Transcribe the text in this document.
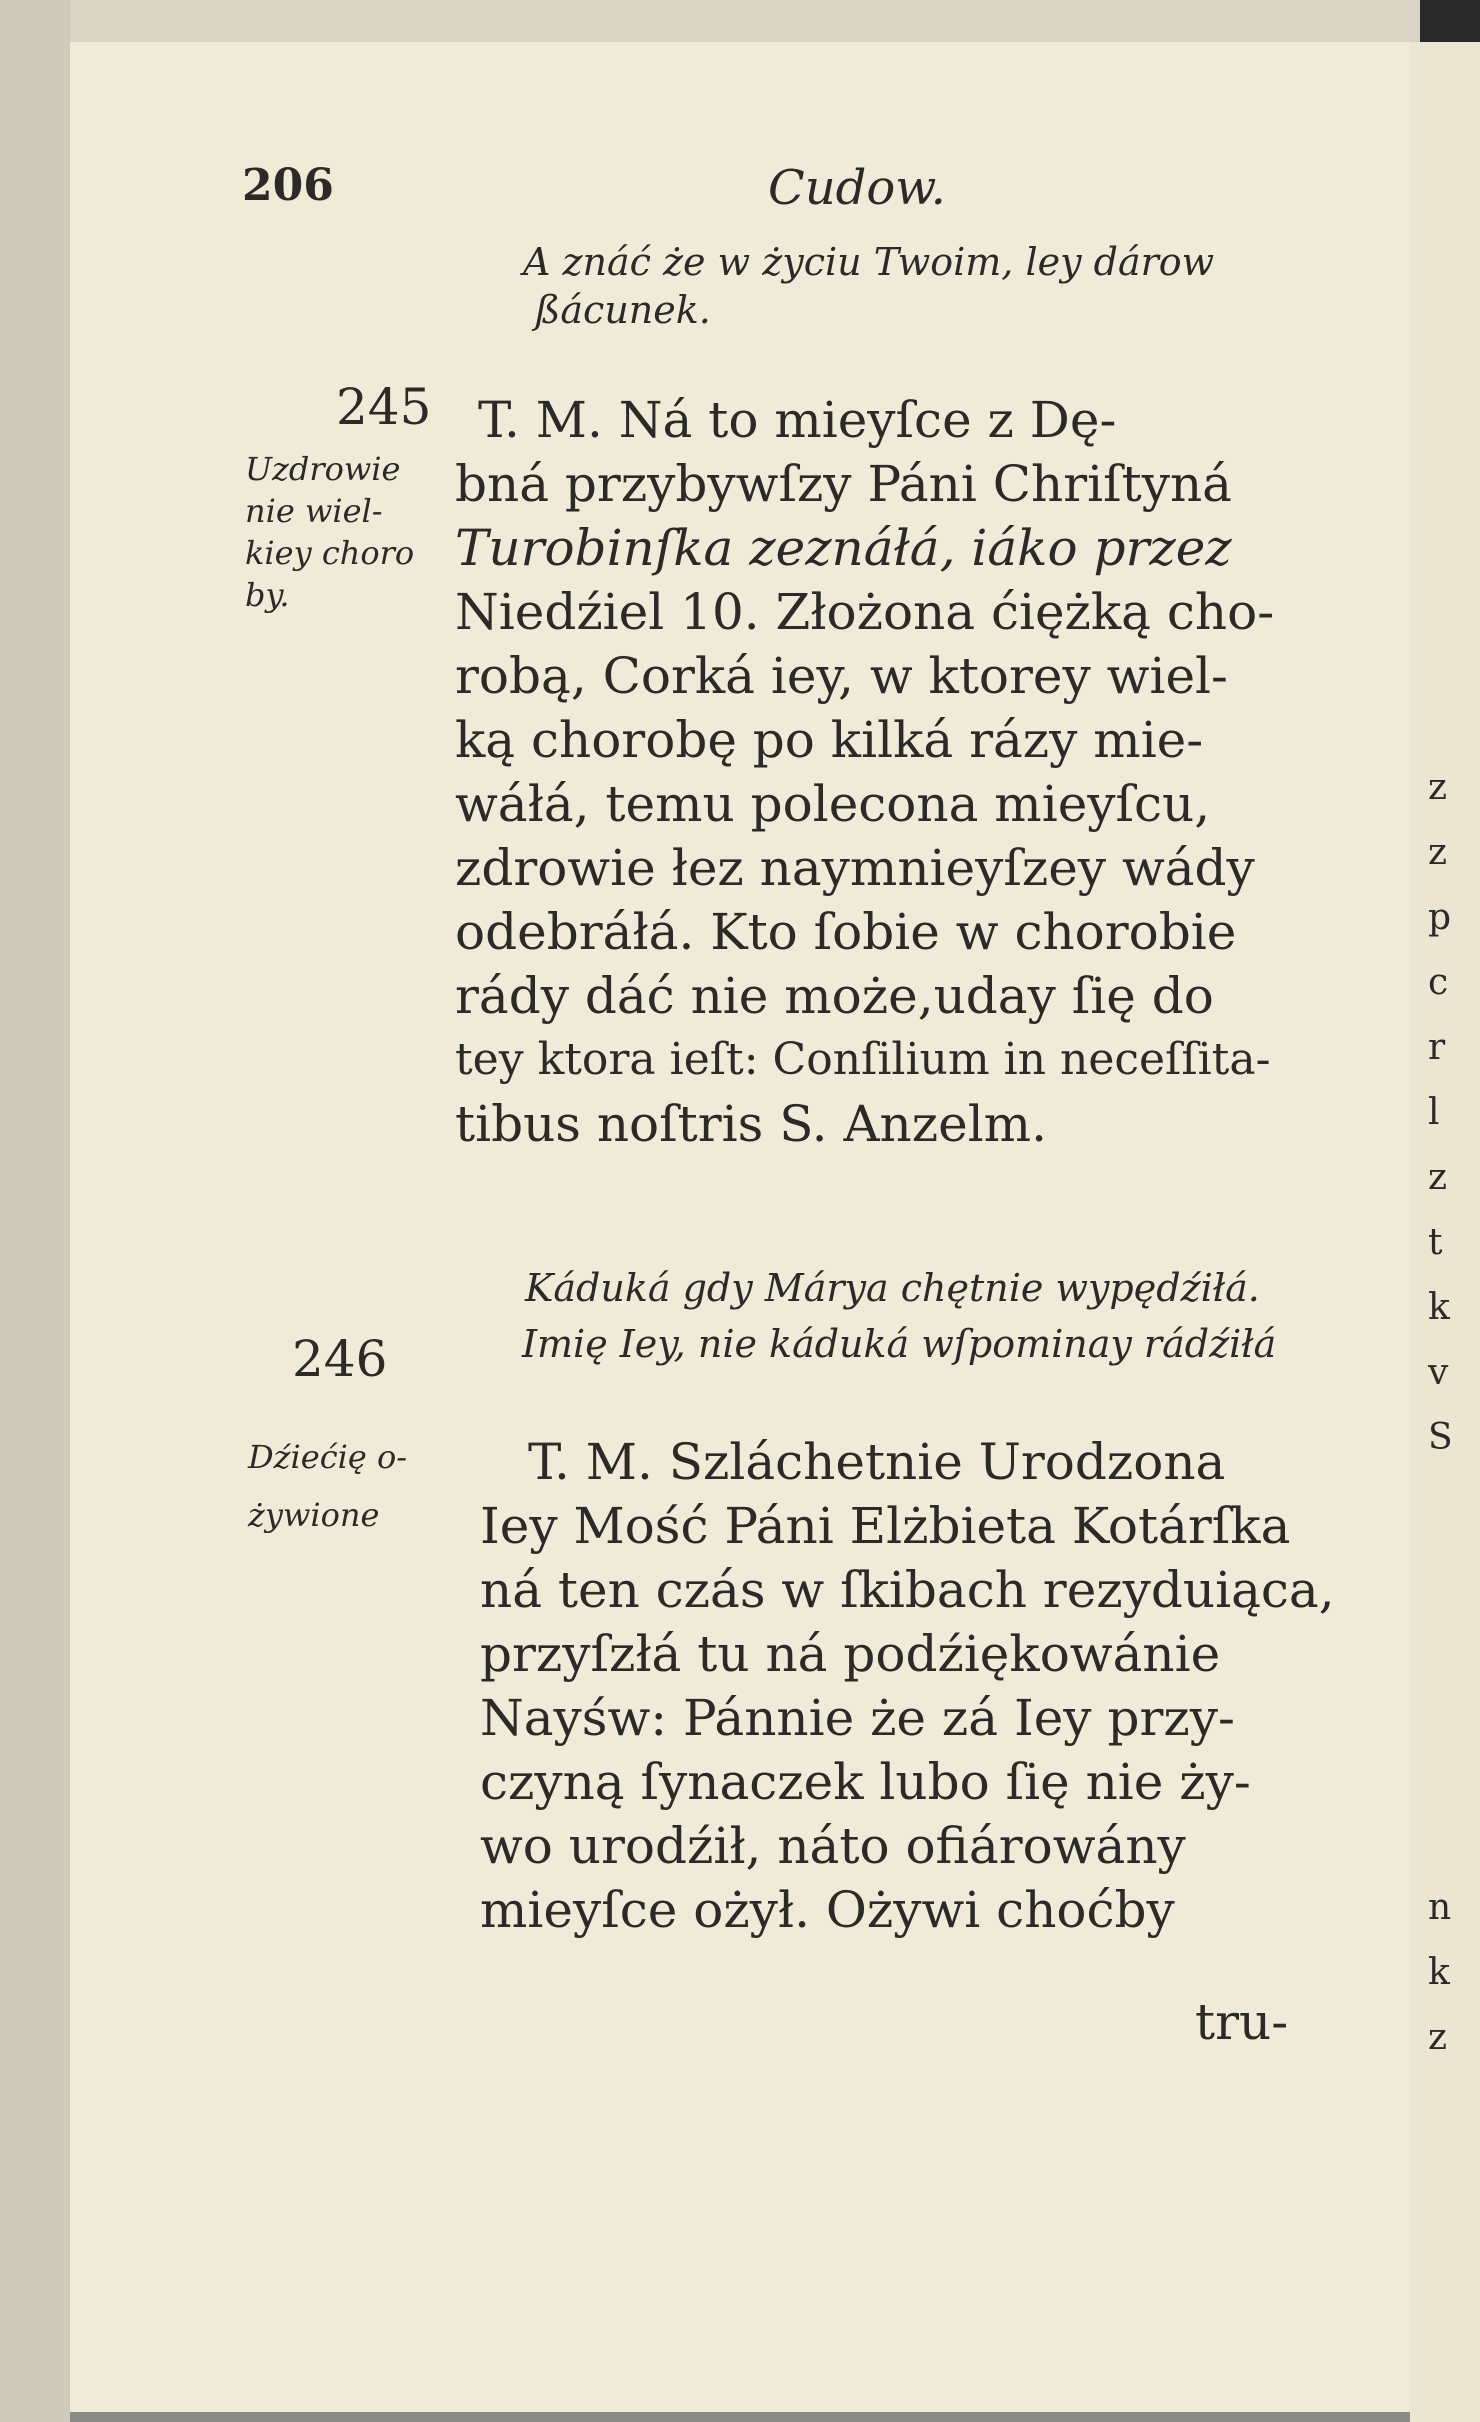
z
z
p
c
r
l
z
t
k
v
S
n
k
z
206	Cudow.
A znáć że w życiu Twoim, ley dárow
ßácunek.
245
Uzdrowie
nie wiel-
kiey choro
by.
T. M. Ná to mieyſce z Dę-
bná przybywſzy Páni Chriſtyná
Turobinſka zeznáłá, iáko przez
Niedźiel 10. Złożona ćiężką cho-
robą, Corká iey, w ktorey wiel-
ką chorobę po kilká rázy mie-
wáłá, temu polecona mieyſcu,
zdrowie łez naymnieyſzey wády
odebráłá. Kto ſobie w chorobie
rády dáć nie może,uday ſię do
tey ktora ieſt: Conſilium in neceſſita-
tibus noſtris S. Anzelm.
Káduká gdy Márya chętnie wypędźiłá.
Imię Iey, nie káduká wſpominay rádźiłá
246
Dźiećię o-
żywione
T. M. Szláchetnie Urodzona
Iey Mość Páni Elżbieta Kotárſka
ná ten czás w ſkibach rezyduiąca,
przyſzłá tu ná podźiękowánie
Nayśw: Pánnie że zá Iey przy-
czyną ſynaczek lubo ſię nie ży-
wo urodźił, náto ofiárowány
mieyſce ożył. Ożywi choćby
tru-
